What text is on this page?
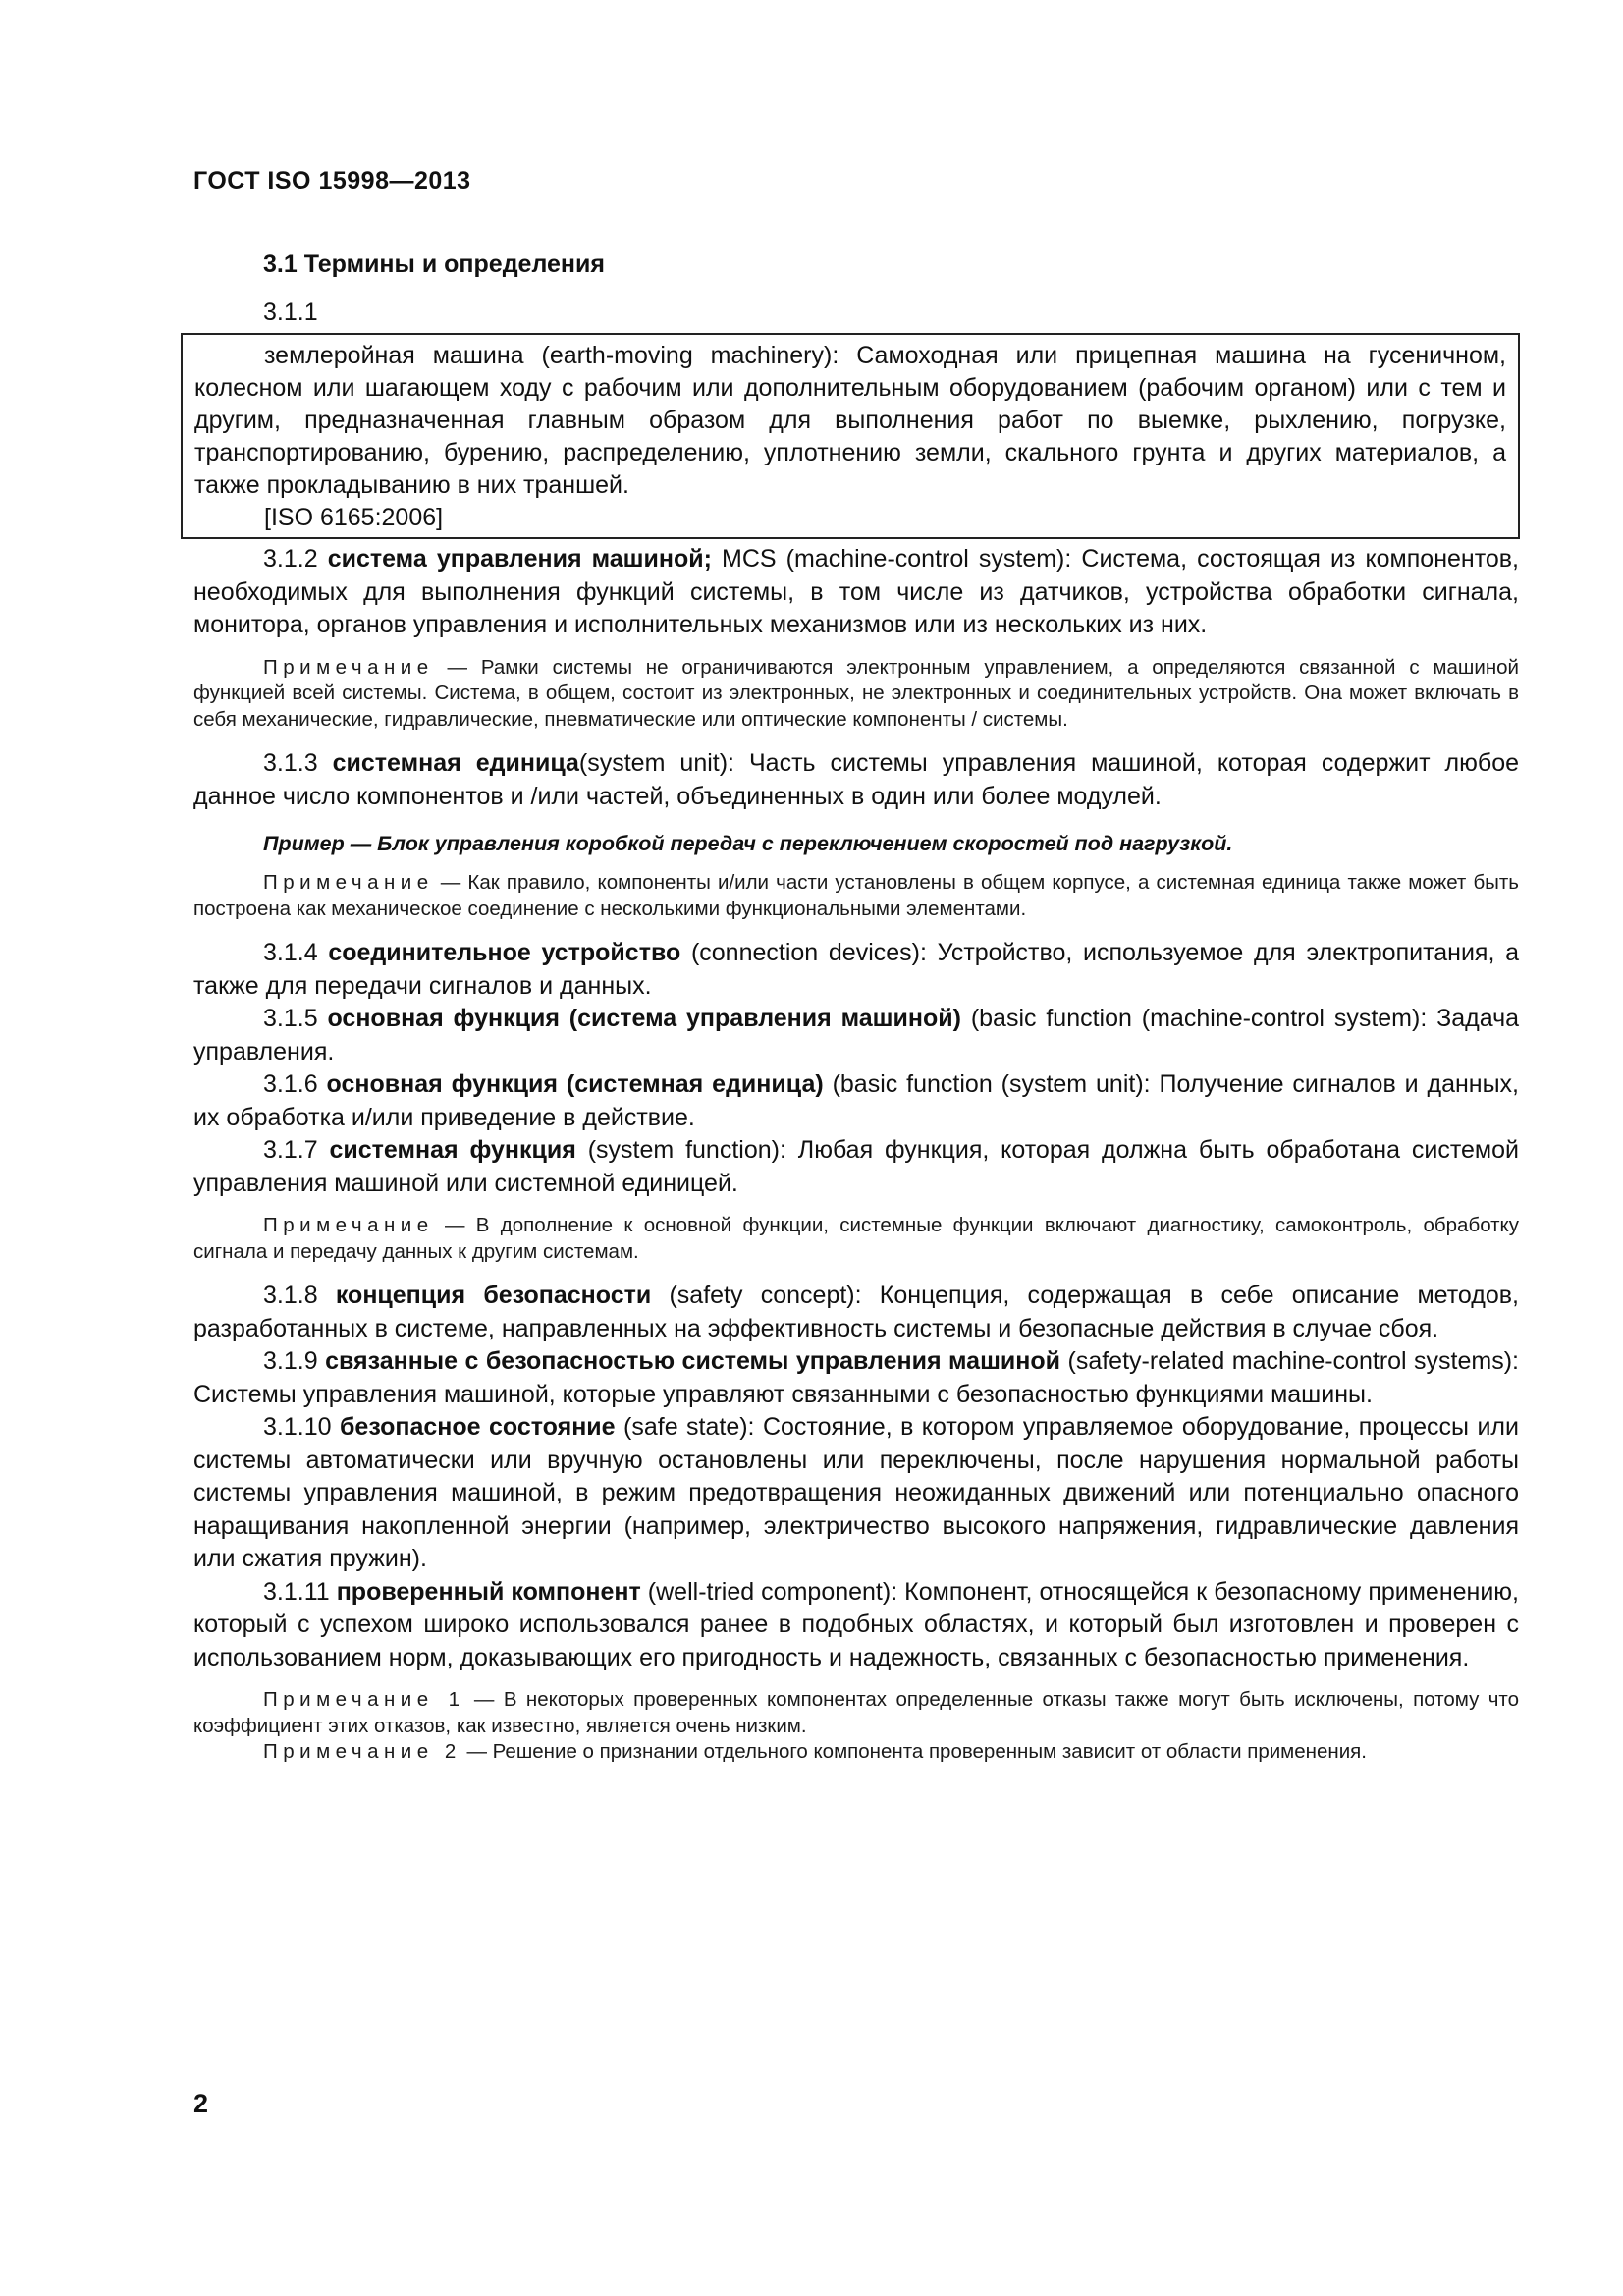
ГОСТ ISO 15998—2013
3.1 Термины и определения
3.1.1

землеройная машина (earth-moving machinery): Самоходная или прицепная машина на гусеничном, колесном или шагающем ходу с рабочим или дополнительным оборудованием (рабочим органом) или с тем и другим, предназначенная главным образом для выполнения работ по выемке, рыхлению, погрузке, транспортированию, бурению, распределению, уплотнению земли, скального грунта и других материалов, а также прокладыванию в них траншей.

[ISO 6165:2006]

3.1.2 система управления машиной; MCS (machine-control system): Система, состоящая из компонентов, необходимых для выполнения функций системы, в том числе из датчиков, устройства обработки сигнала, монитора, органов управления и исполнительных механизмов или из нескольких из них.

Примечание — Рамки системы не ограничиваются электронным управлением, а определяются связанной с машиной функцией всей системы. Система, в общем, состоит из электронных, не электронных и соединительных устройств. Она может включать в себя механические, гидравлические, пневматические или оптические компоненты / системы.

3.1.3 системная единица(system unit): Часть системы управления машиной, которая содержит любое данное число компонентов и /или частей, объединенных в один или более модулей.

Пример — Блок управления коробкой передач с переключением скоростей под нагрузкой.

Примечание — Как правило, компоненты и/или части установлены в общем корпусе, а системная единица также может быть построена как механическое соединение с несколькими функциональными элементами.

3.1.4 соединительное устройство (connection devices): Устройство, используемое для электропитания, а также для передачи сигналов и данных.

3.1.5 основная функция (система управления машиной) (basic function (machine-control system): Задача управления.

3.1.6 основная функция (системная единица) (basic function (system unit): Получение сигналов и данных, их обработка и/или приведение в действие.

3.1.7 системная функция (system function): Любая функция, которая должна быть обработана системой управления машиной или системной единицей.

Примечание — В дополнение к основной функции, системные функции включают диагностику, самоконтроль, обработку сигнала и передачу данных к другим системам.

3.1.8 концепция безопасности (safety concept): Концепция, содержащая в себе описание методов, разработанных в системе, направленных на эффективность системы и безопасные действия в случае сбоя.

3.1.9 связанные с безопасностью системы управления машиной (safety-related machine-control systems): Системы управления машиной, которые управляют связанными с безопасностью функциями машины.

3.1.10 безопасное состояние (safe state): Состояние, в котором управляемое оборудование, процессы или системы автоматически или вручную остановлены или переключены, после нарушения нормальной работы системы управления машиной, в режим предотвращения неожиданных движений или потенциально опасного наращивания накопленной энергии (например, электричество высокого напряжения, гидравлические давления или сжатия пружин).

3.1.11 проверенный компонент (well-tried component): Компонент, относящейся к безопасному применению, который с успехом широко использовался ранее в подобных областях, и который был изготовлен и проверен с использованием норм, доказывающих его пригодность и надежность, связанных с безопасностью применения.

Примечание 1 — В некоторых проверенных компонентах определенные отказы также могут быть исключены, потому что коэффициент этих отказов, как известно, является очень низким.

Примечание 2 — Решение о признании отдельного компонента проверенным зависит от области применения.

2
